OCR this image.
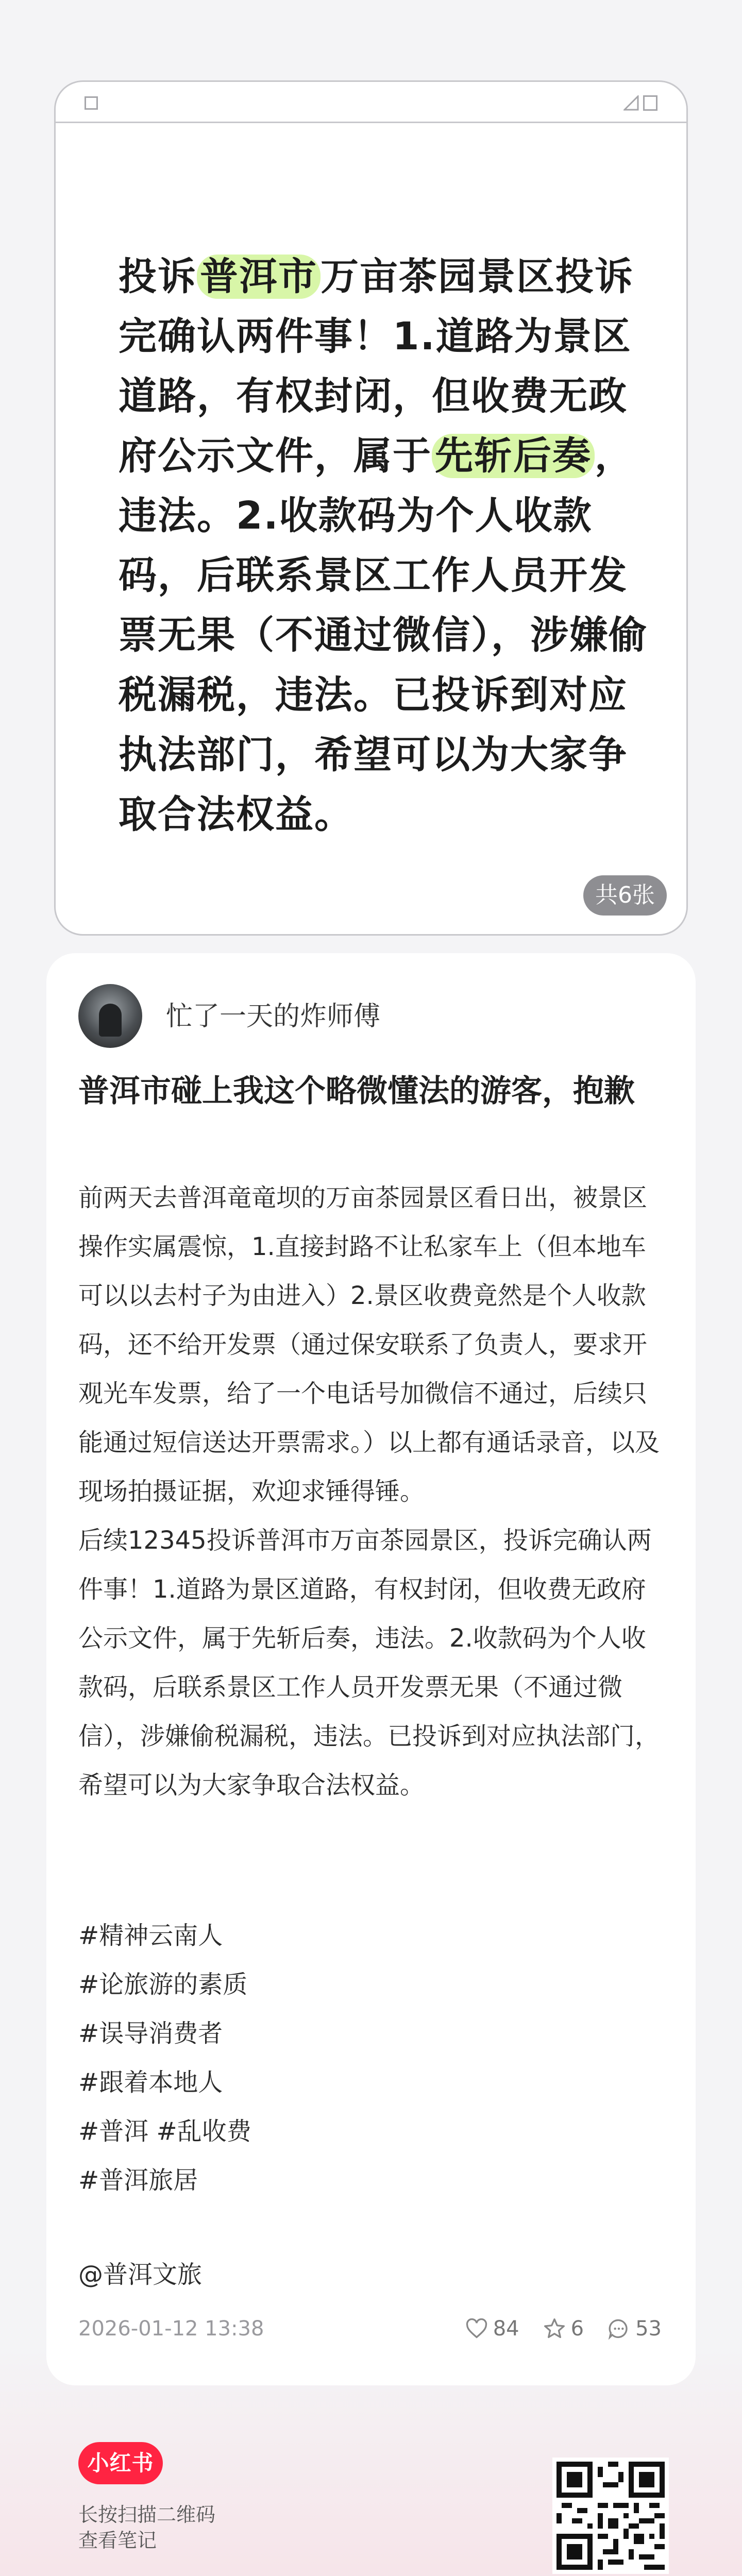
投诉普洱市万亩茶园景区投诉完确认两件事！1.道路为景区道路，有权封闭，但收费无政府公示文件，属于先斩后奏，违法。2.收款码为个人收款码，后联系景区工作人员开发票无果（不通过微信），涉嫌偷税漏税，违法。已投诉到对应执法部门，希望可以为大家争取合法权益。
共6张
忙了一天的炸师傅
普洱市碰上我这个略微懂法的游客，抱歉

前两天去普洱竜竜坝的万亩茶园景区看日出，被景区操作实属震惊，1.直接封路不让私家车上（但本地车可以以去村子为由进入）2.景区收费竟然是个人收款码，还不给开发票（通过保安联系了负责人，要求开观光车发票，给了一个电话号加微信不通过，后续只能通过短信送达开票需求。）以上都有通话录音，以及现场拍摄证据，欢迎求锤得锤。

后续12345投诉普洱市万亩茶园景区，投诉完确认两件事！1.道路为景区道路，有权封闭，但收费无政府公示文件，属于先斩后奏，违法。2.收款码为个人收款码，后联系景区工作人员开发票无果（不通过微信），涉嫌偷税漏税，违法。已投诉到对应执法部门，希望可以为大家争取合法权益。

#精神云南人
#论旅游的素质
#误导消费者
#跟着本地人
#普洱 #乱收费
#普洱旅居
@普洱文旅
2026-01-12 13:38	84	6	53
小红书
长按扫描二维码
查看笔记
